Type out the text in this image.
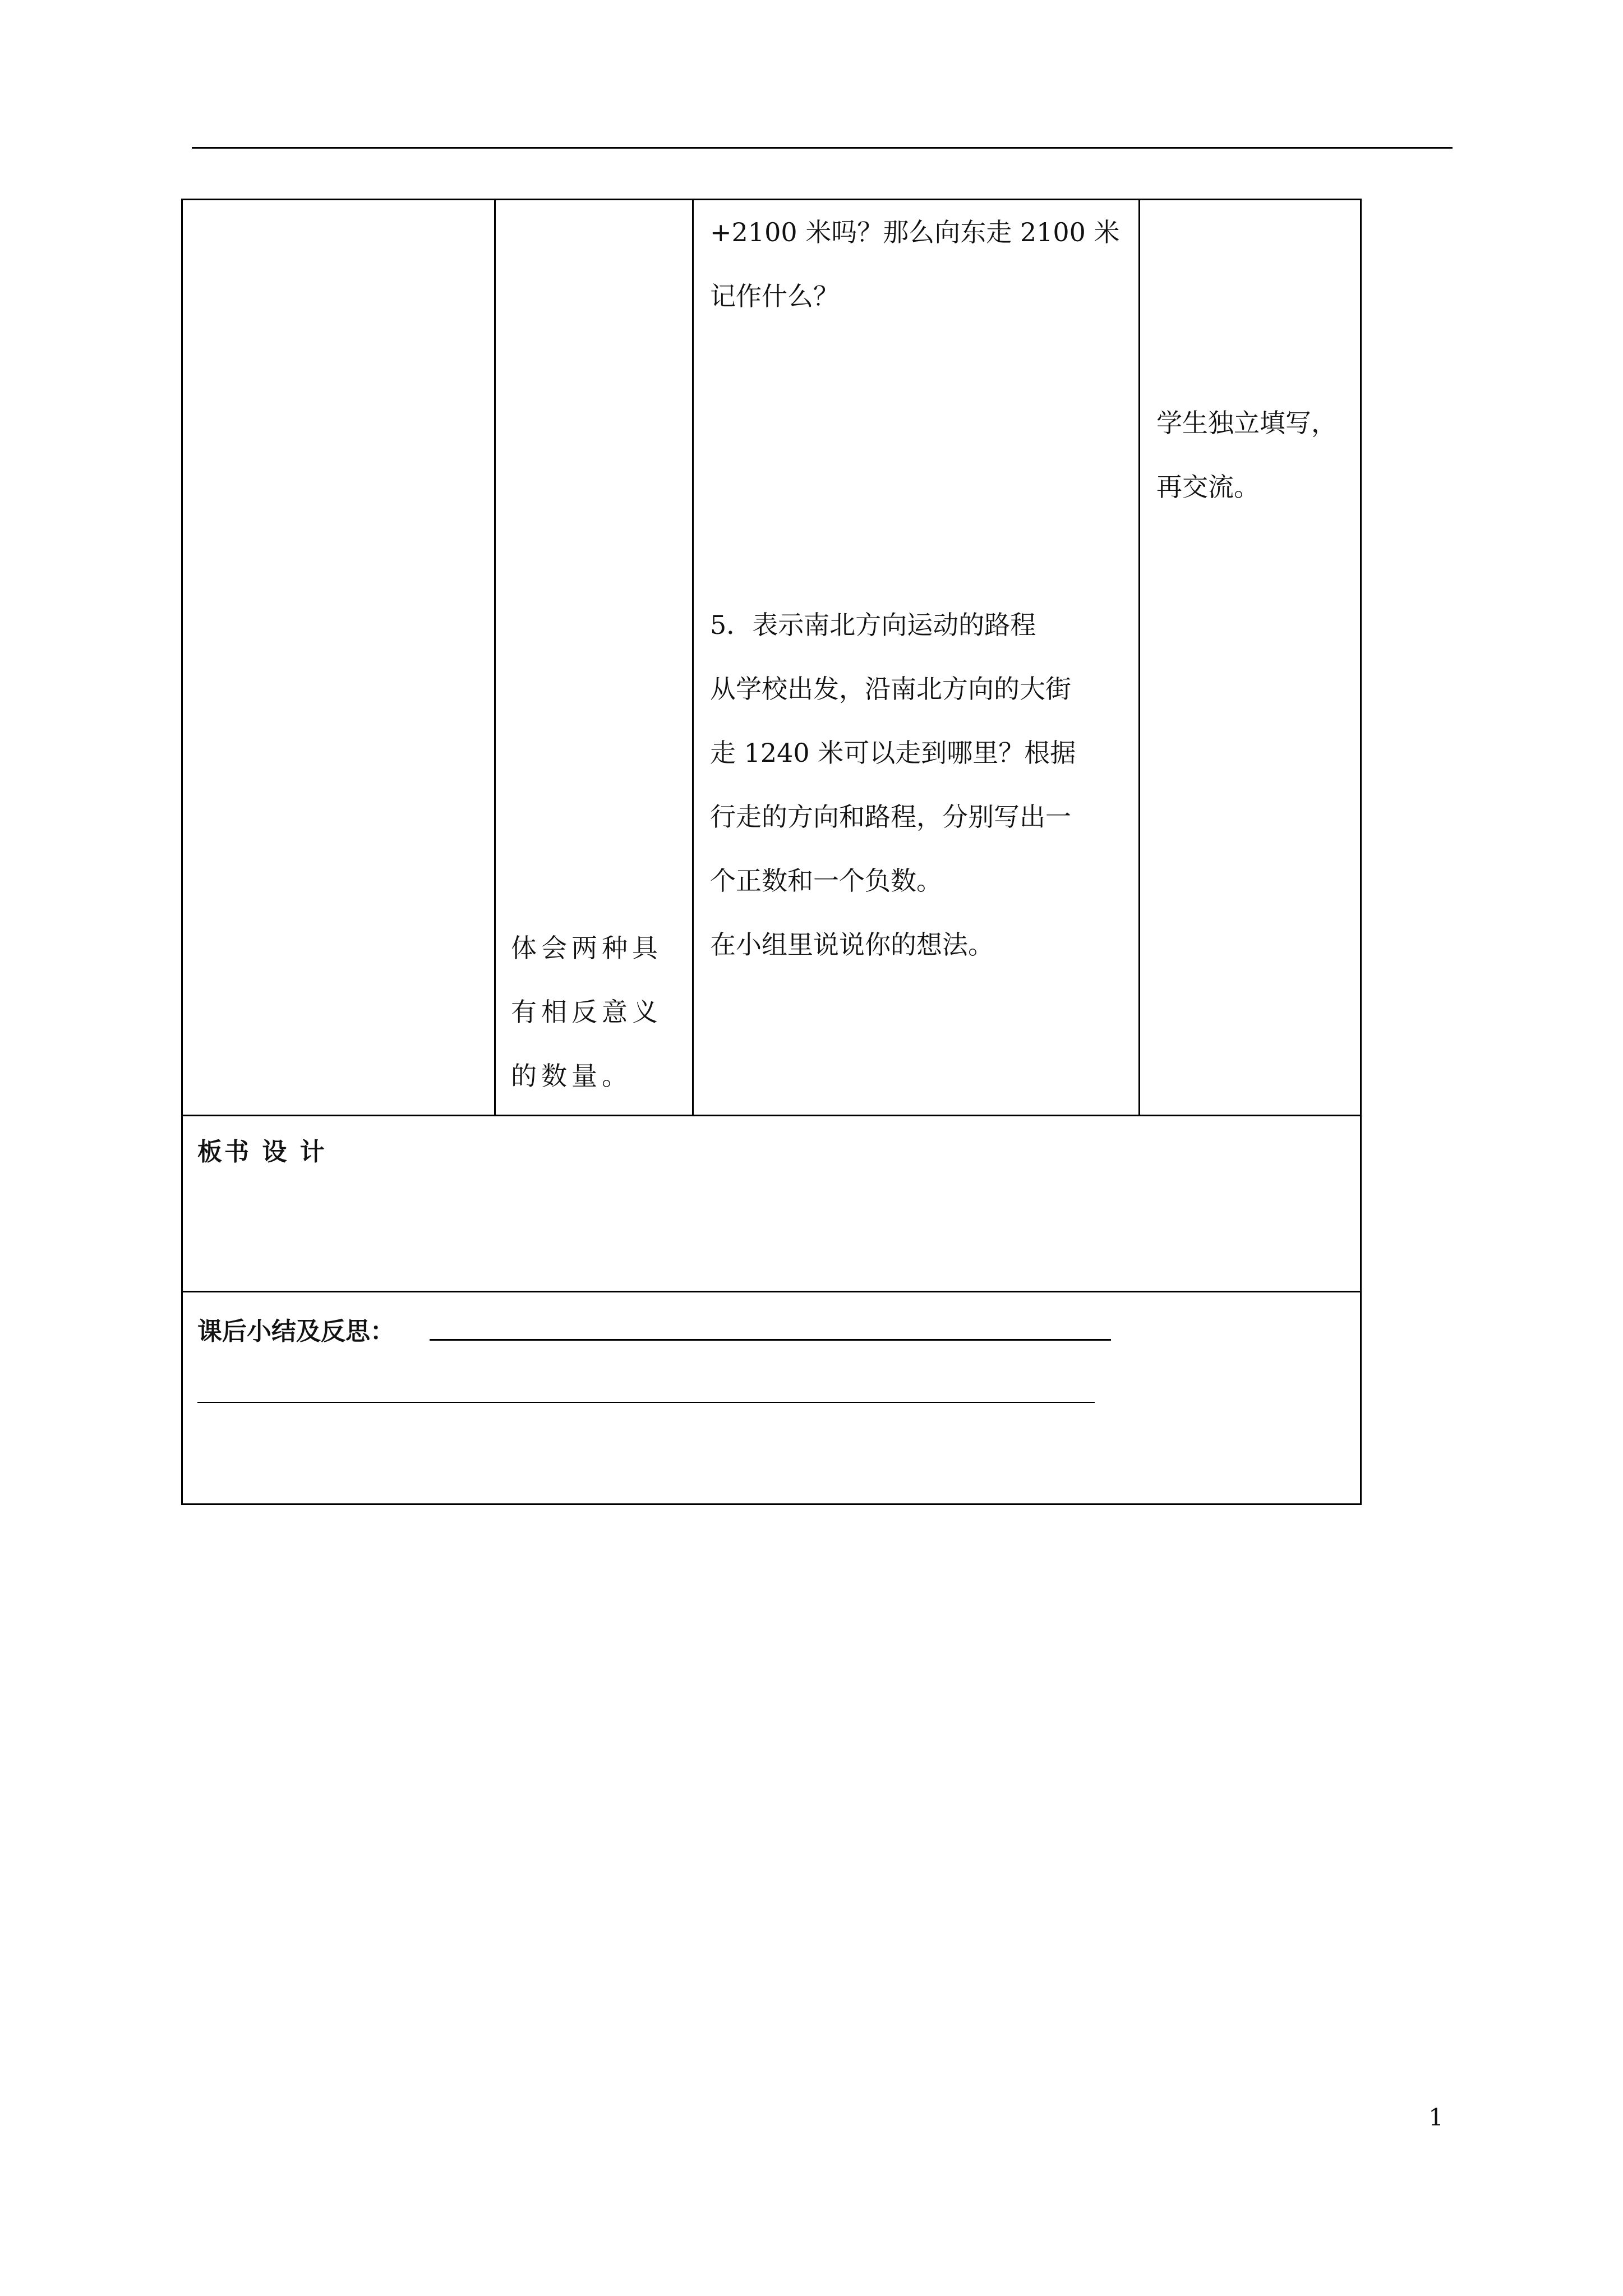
体会两种具
有相反意义
的数量。
+2100 米吗？那么向东走 2100 米
记作什么？
5．表示南北方向运动的路程
从学校出发，沿南北方向的大街
走 1240 米可以走到哪里？根据
行走的方向和路程，分别写出一
个正数和一个负数。
在小组里说说你的想法。
学生独立填写，
再交流。
板书 设 计
课后小结及反思：
1
